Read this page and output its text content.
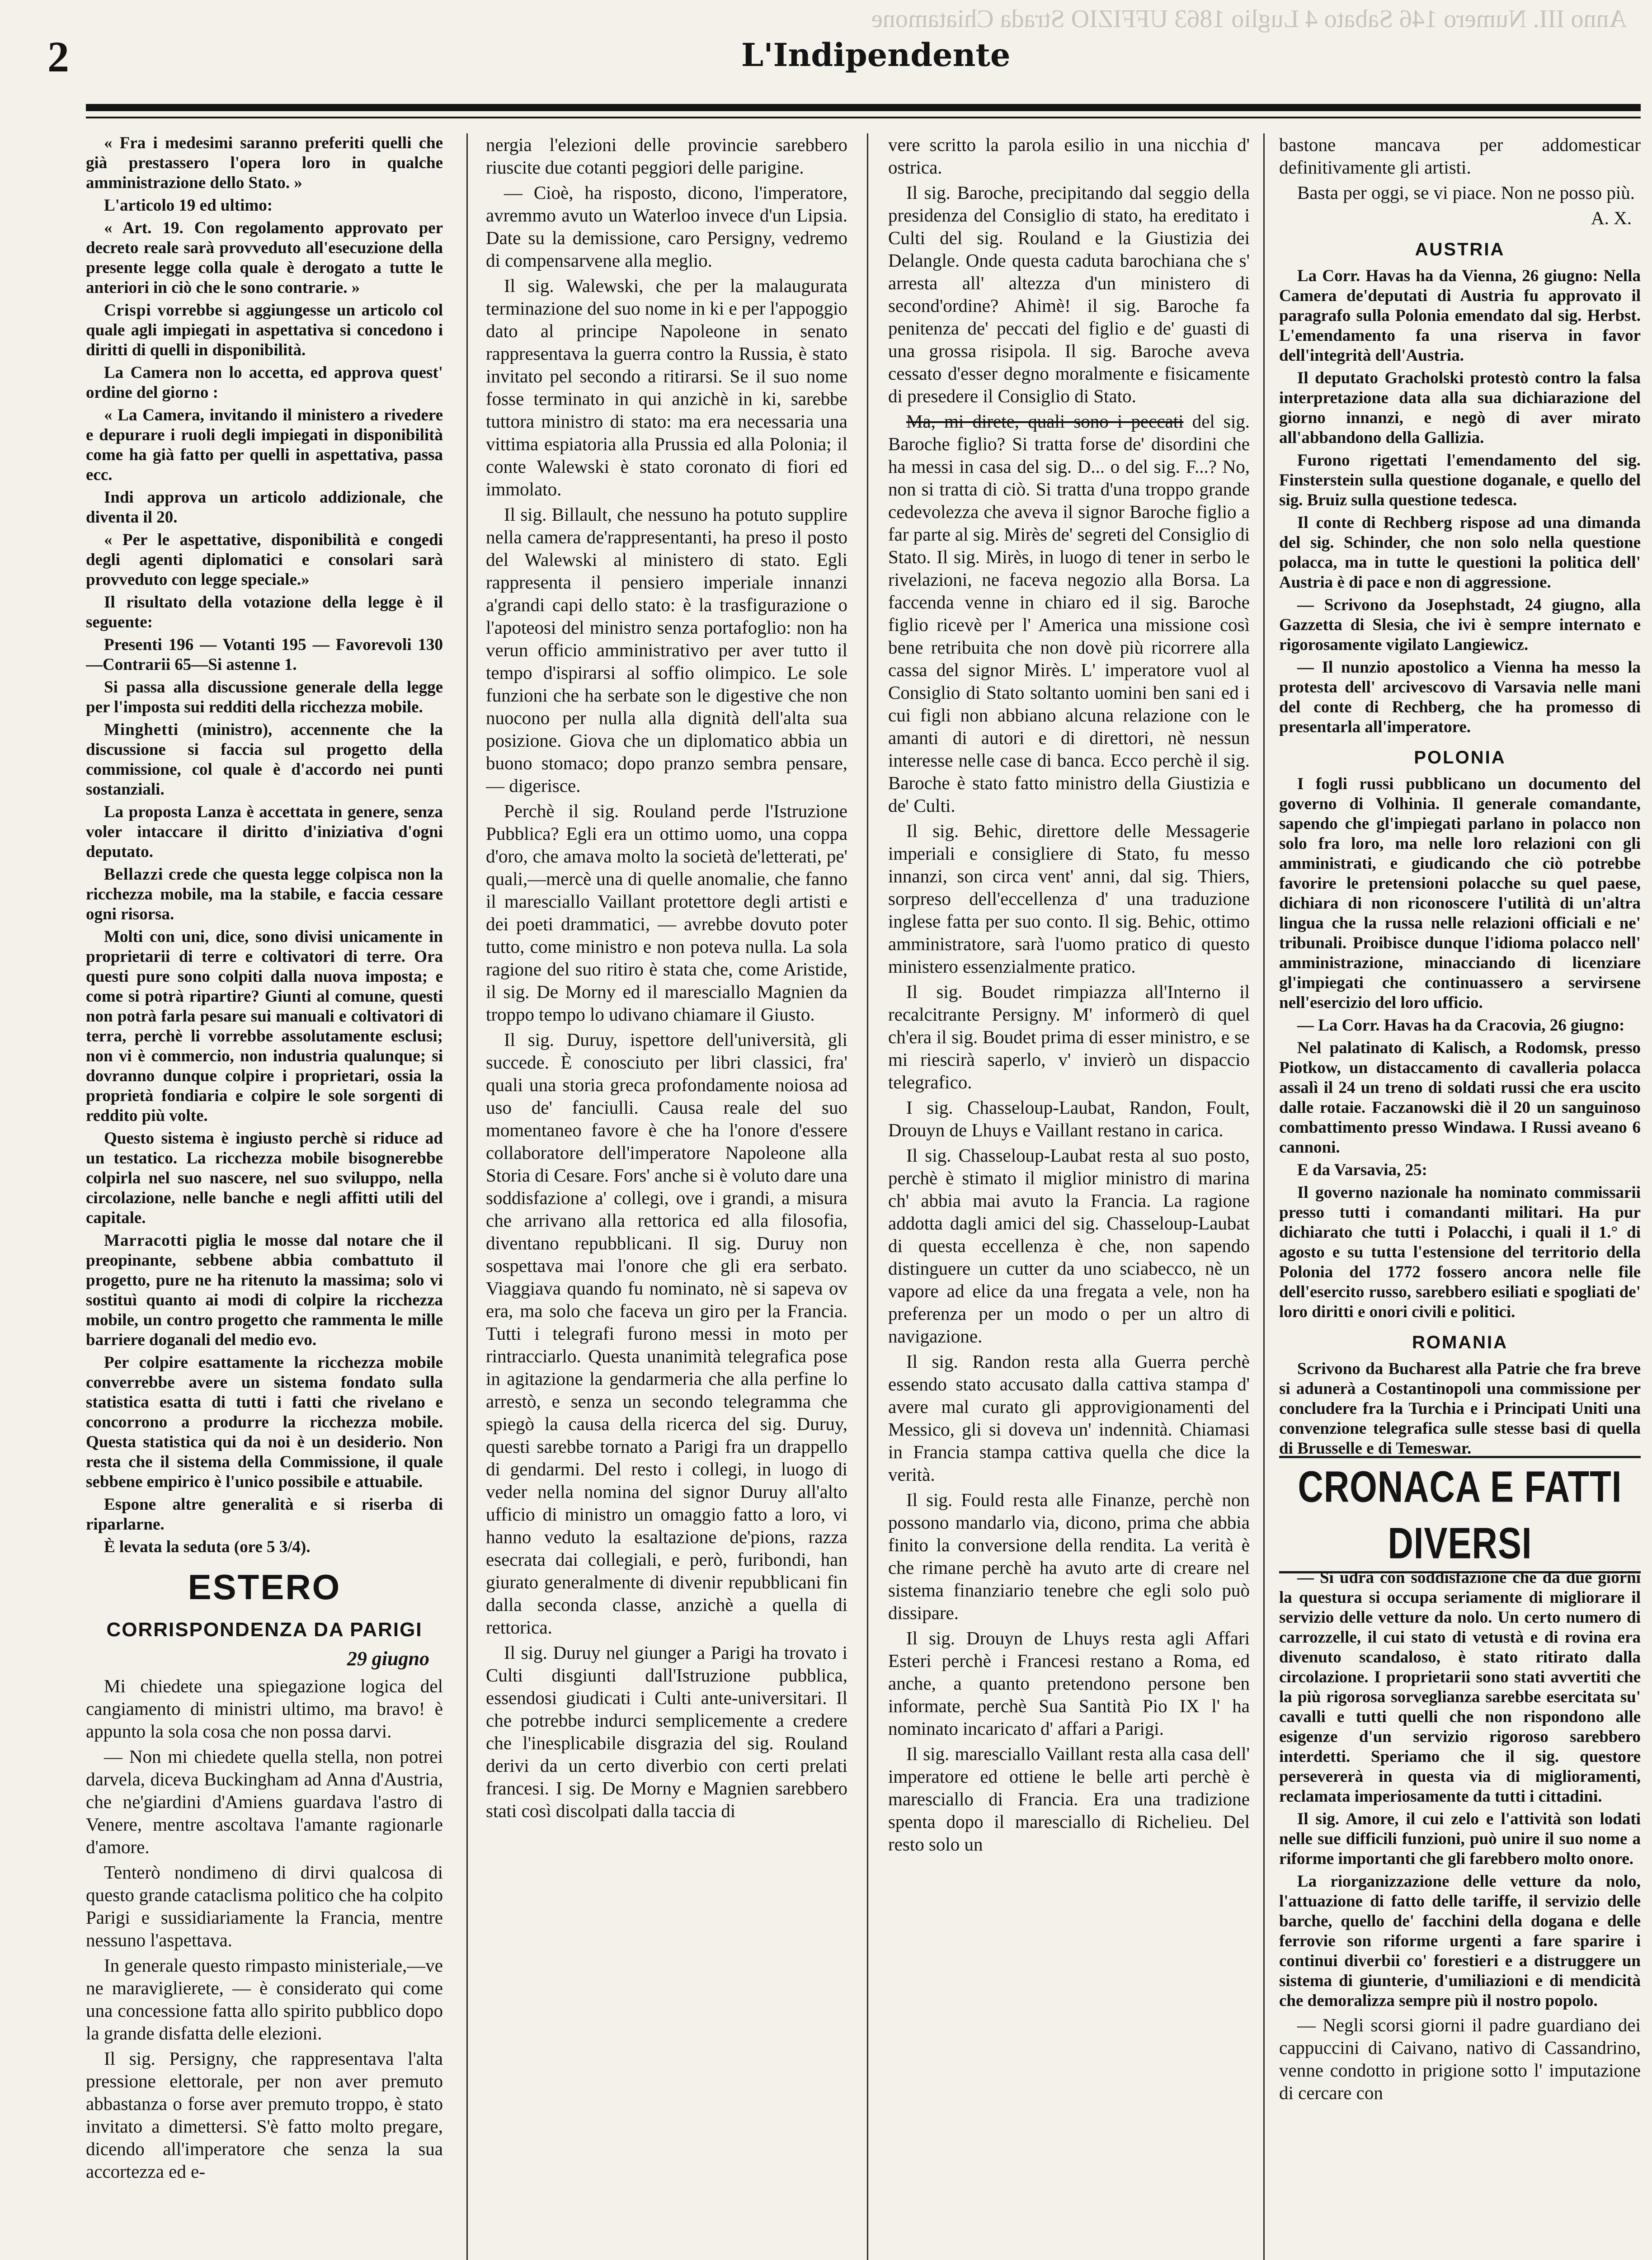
Anno III. Numero 146 Sabato 4 Luglio 1863 UFFIZIO Strada Chiatamone
2	L'Indipendente

« Fra i medesimi saranno preferiti quelli che già prestassero l'opera loro in qualche amministrazione dello Stato. »

L'articolo 19 ed ultimo:

« Art. 19. Con regolamento approvato per decreto reale sarà provveduto all'esecuzione della presente legge colla quale è derogato a tutte le anteriori in ciò che le sono contrarie. »

Crispi vorrebbe si aggiungesse un articolo col quale agli impiegati in aspettativa si concedono i diritti di quelli in disponibilità.

La Camera non lo accetta, ed approva quest' ordine del giorno :

« La Camera, invitando il ministero a rivedere e depurare i ruoli degli impiegati in disponibilità come ha già fatto per quelli in aspettativa, passa ecc.

Indi approva un articolo addizionale, che diventa il 20.

« Per le aspettative, disponibilità e congedi degli agenti diplomatici e consolari sarà provveduto con legge speciale.»

Il risultato della votazione della legge è il seguente:

Presenti 196 — Votanti 195 — Favorevoli 130—Contrarii 65—Si astenne 1.

Si passa alla discussione generale della legge per l'imposta sui redditi della ricchezza mobile.

Minghetti (ministro), accennente che la discussione si faccia sul progetto della commissione, col quale è d'accordo nei punti sostanziali.

La proposta Lanza è accettata in genere, senza voler intaccare il diritto d'iniziativa d'ogni deputato.

Bellazzi crede che questa legge colpisca non la ricchezza mobile, ma la stabile, e faccia cessare ogni risorsa.

Molti con uni, dice, sono divisi unicamente in proprietarii di terre e coltivatori di terre. Ora questi pure sono colpiti dalla nuova imposta; e come si potrà ripartire? Giunti al comune, questi non potrà farla pesare sui manuali e coltivatori di terra, perchè li vorrebbe assolutamente esclusi; non vi è commercio, non industria qualunque; si dovranno dunque colpire i proprietari, ossia la proprietà fondiaria e colpire le sole sorgenti di reddito più volte.

Questo sistema è ingiusto perchè si riduce ad un testatico. La ricchezza mobile bisognerebbe colpirla nel suo nascere, nel suo sviluppo, nella circolazione, nelle banche e negli affitti utili del capitale.

Marracotti piglia le mosse dal notare che il preopinante, sebbene abbia combattuto il progetto, pure ne ha ritenuto la massima; solo vi sostituì quanto ai modi di colpire la ricchezza mobile, un contro progetto che rammenta le mille barriere doganali del medio evo.

Per colpire esattamente la ricchezza mobile converrebbe avere un sistema fondato sulla statistica esatta di tutti i fatti che rivelano e concorrono a produrre la ricchezza mobile. Questa statistica qui da noi è un desiderio. Non resta che il sistema della Commissione, il quale sebbene empirico è l'unico possibile e attuabile.

Espone altre generalità e si riserba di riparlarne.

È levata la seduta (ore 5 3/4).

ESTERO
CORRISPONDENZA DA PARIGI
29 giugno

Mi chiedete una spiegazione logica del cangiamento di ministri ultimo, ma bravo! è appunto la sola cosa che non possa darvi.

— Non mi chiedete quella stella, non potrei darvela, diceva Buckingham ad Anna d'Austria, che ne'giardini d'Amiens guardava l'astro di Venere, mentre ascoltava l'amante ragionarle d'amore.

Tenterò nondimeno di dirvi qualcosa di questo grande cataclisma politico che ha colpito Parigi e sussidiariamente la Francia, mentre nessuno l'aspettava.

In generale questo rimpasto ministeriale,—ve ne maraviglierete, — è considerato qui come una concessione fatta allo spirito pubblico dopo la grande disfatta delle elezioni.

Il sig. Persigny, che rappresentava l'alta pressione elettorale, per non aver premuto abbastanza o forse aver premuto troppo, è stato invitato a dimettersi. S'è fatto molto pregare, dicendo all'imperatore che senza la sua accortezza ed e-

nergia l'elezioni delle provincie sarebbero riuscite due cotanti peggiori delle parigine.

— Cioè, ha risposto, dicono, l'imperatore, avremmo avuto un Waterloo invece d'un Lipsia. Date su la demissione, caro Persigny, vedremo di compensarvene alla meglio.

Il sig. Walewski, che per la malaugurata terminazione del suo nome in ki e per l'appoggio dato al principe Napoleone in senato rappresentava la guerra contro la Russia, è stato invitato pel secondo a ritirarsi. Se il suo nome fosse terminato in qui anzichè in ki, sarebbe tuttora ministro di stato: ma era necessaria una vittima espiatoria alla Prussia ed alla Polonia; il conte Walewski è stato coronato di fiori ed immolato.

Il sig. Billault, che nessuno ha potuto supplire nella camera de'rappresentanti, ha preso il posto del Walewski al ministero di stato. Egli rappresenta il pensiero imperiale innanzi a'grandi capi dello stato: è la trasfigurazione o l'apoteosi del ministro senza portafoglio: non ha verun officio amministrativo per aver tutto il tempo d'ispirarsi al soffio olimpico. Le sole funzioni che ha serbate son le digestive che non nuocono per nulla alla dignità dell'alta sua posizione. Giova che un diplomatico abbia un buono stomaco; dopo pranzo sembra pensare, — digerisce.

Perchè il sig. Rouland perde l'Istruzione Pubblica? Egli era un ottimo uomo, una coppa d'oro, che amava molto la società de'letterati, pe' quali,—mercè una di quelle anomalie, che fanno il maresciallo Vaillant protettore degli artisti e dei poeti drammatici, — avrebbe dovuto poter tutto, come ministro e non poteva nulla. La sola ragione del suo ritiro è stata che, come Aristide, il sig. De Morny ed il maresciallo Magnien da troppo tempo lo udivano chiamare il Giusto.

Il sig. Duruy, ispettore dell'università, gli succede. È conosciuto per libri classici, fra' quali una storia greca profondamente noiosa ad uso de' fanciulli. Causa reale del suo momentaneo favore è che ha l'onore d'essere collaboratore dell'imperatore Napoleone alla Storia di Cesare. Fors' anche si è voluto dare una soddisfazione a' collegi, ove i grandi, a misura che arrivano alla rettorica ed alla filosofia, diventano repubblicani. Il sig. Duruy non sospettava mai l'onore che gli era serbato. Viaggiava quando fu nominato, nè si sapeva ov era, ma solo che faceva un giro per la Francia. Tutti i telegrafi furono messi in moto per rintracciarlo. Questa unanimità telegrafica pose in agitazione la gendarmeria che alla perfine lo arrestò, e senza un secondo telegramma che spiegò la causa della ricerca del sig. Duruy, questi sarebbe tornato a Parigi fra un drappello di gendarmi. Del resto i collegi, in luogo di veder nella nomina del signor Duruy all'alto ufficio di ministro un omaggio fatto a loro, vi hanno veduto la esaltazione de'pions, razza esecrata dai collegiali, e però, furibondi, han giurato generalmente di divenir repubblicani fin dalla seconda classe, anzichè a quella di rettorica.

Il sig. Duruy nel giunger a Parigi ha trovato i Culti disgiunti dall'Istruzione pubblica, essendosi giudicati i Culti ante-universitari. Il che potrebbe indurci semplicemente a credere che l'inesplicabile disgrazia del sig. Rouland derivi da un certo diverbio con certi prelati francesi. I sig. De Morny e Magnien sarebbero stati così discolpati dalla taccia di

vere scritto la parola esilio in una nicchia d' ostrica.

Il sig. Baroche, precipitando dal seggio della presidenza del Consiglio di stato, ha ereditato i Culti del sig. Rouland e la Giustizia dei Delangle. Onde questa caduta barochiana che s' arresta all' altezza d'un ministero di second'ordine? Ahimè! il sig. Baroche fa penitenza de' peccati del figlio e de' guasti di una grossa risipola. Il sig. Baroche aveva cessato d'esser degno moralmente e fisicamente di presedere il Consiglio di Stato.

Ma, mi direte, quali sono i peccati del sig. Baroche figlio? Si tratta forse de' disordini che ha messi in casa del sig. D... o del sig. F...? No, non si tratta di ciò. Si tratta d'una troppo grande cedevolezza che aveva il signor Baroche figlio a far parte al sig. Mirès de' segreti del Consiglio di Stato. Il sig. Mirès, in luogo di tener in serbo le rivelazioni, ne faceva negozio alla Borsa. La faccenda venne in chiaro ed il sig. Baroche figlio ricevè per l' America una missione così bene retribuita che non dovè più ricorrere alla cassa del signor Mirès. L' imperatore vuol al Consiglio di Stato soltanto uomini ben sani ed i cui figli non abbiano alcuna relazione con le amanti di autori e di direttori, nè nessun interesse nelle case di banca. Ecco perchè il sig. Baroche è stato fatto ministro della Giustizia e de' Culti.

Il sig. Behic, direttore delle Messagerie imperiali e consigliere di Stato, fu messo innanzi, son circa vent' anni, dal sig. Thiers, sorpreso dell'eccellenza d' una traduzione inglese fatta per suo conto. Il sig. Behic, ottimo amministratore, sarà l'uomo pratico di questo ministero essenzialmente pratico.

Il sig. Boudet rimpiazza all'Interno il recalcitrante Persigny. M' informerò di quel ch'era il sig. Boudet prima di esser ministro, e se mi riescirà saperlo, v' invierò un dispaccio telegrafico.

I sig. Chasseloup-Laubat, Randon, Foult, Drouyn de Lhuys e Vaillant restano in carica.

Il sig. Chasseloup-Laubat resta al suo posto, perchè è stimato il miglior ministro di marina ch' abbia mai avuto la Francia. La ragione addotta dagli amici del sig. Chasseloup-Laubat di questa eccellenza è che, non sapendo distinguere un cutter da uno sciabecco, nè un vapore ad elice da una fregata a vele, non ha preferenza per un modo o per un altro di navigazione.

Il sig. Randon resta alla Guerra perchè essendo stato accusato dalla cattiva stampa d' avere mal curato gli approvigionamenti del Messico, gli si doveva un' indennità. Chiamasi in Francia stampa cattiva quella che dice la verità.

Il sig. Fould resta alle Finanze, perchè non possono mandarlo via, dicono, prima che abbia finito la conversione della rendita. La verità è che rimane perchè ha avuto arte di creare nel sistema finanziario tenebre che egli solo può dissipare.

Il sig. Drouyn de Lhuys resta agli Affari Esteri perchè i Francesi restano a Roma, ed anche, a quanto pretendono persone ben informate, perchè Sua Santità Pio IX l' ha nominato incaricato d' affari a Parigi.

Il sig. maresciallo Vaillant resta alla casa dell' imperatore ed ottiene le belle arti perchè è maresciallo di Francia. Era una tradizione spenta dopo il maresciallo di Richelieu. Del resto solo un

bastone mancava per addomesticar definitivamente gli artisti.

Basta per oggi, se vi piace. Non ne posso più.

A. X.

AUSTRIA

La Corr. Havas ha da Vienna, 26 giugno: Nella Camera de'deputati di Austria fu approvato il paragrafo sulla Polonia emendato dal sig. Herbst. L'emendamento fa una riserva in favor dell'integrità dell'Austria.

Il deputato Gracholski protestò contro la falsa interpretazione data alla sua dichiarazione del giorno innanzi, e negò di aver mirato all'abbandono della Gallizia.

Furono rigettati l'emendamento del sig. Finsterstein sulla questione doganale, e quello del sig. Bruiz sulla questione tedesca.

Il conte di Rechberg rispose ad una dimanda del sig. Schinder, che non solo nella questione polacca, ma in tutte le questioni la politica dell' Austria è di pace e non di aggressione.

— Scrivono da Josephstadt, 24 giugno, alla Gazzetta di Slesia, che ivi è sempre internato e rigorosamente vigilato Langiewicz.

— Il nunzio apostolico a Vienna ha messo la protesta dell' arcivescovo di Varsavia nelle mani del conte di Rechberg, che ha promesso di presentarla all'imperatore.

POLONIA

I fogli russi pubblicano un documento del governo di Volhinia. Il generale comandante, sapendo che gl'impiegati parlano in polacco non solo fra loro, ma nelle loro relazioni con gli amministrati, e giudicando che ciò potrebbe favorire le pretensioni polacche su quel paese, dichiara di non riconoscere l'utilità di un'altra lingua che la russa nelle relazioni officiali e ne' tribunali. Proibisce dunque l'idioma polacco nell' amministrazione, minacciando di licenziare gl'impiegati che continuassero a servirsene nell'esercizio del loro ufficio.

— La Corr. Havas ha da Cracovia, 26 giugno:

Nel palatinato di Kalisch, a Rodomsk, presso Piotkow, un distaccamento di cavalleria polacca assalì il 24 un treno di soldati russi che era uscito dalle rotaie. Faczanowski diè il 20 un sanguinoso combattimento presso Windawa. I Russi aveano 6 cannoni.

E da Varsavia, 25:

Il governo nazionale ha nominato commissarii presso tutti i comandanti militari. Ha pur dichiarato che tutti i Polacchi, i quali il 1.° di agosto e su tutta l'estensione del territorio della Polonia del 1772 fossero ancora nelle file dell'esercito russo, sarebbero esiliati e spogliati de' loro diritti e onori civili e politici.

ROMANIA

Scrivono da Bucharest alla Patrie che fra breve si adunerà a Costantinopoli una commissione per concludere fra la Turchia e i Principati Uniti una convenzione telegrafica sulle stesse basi di quella di Brusselle e di Temeswar.

CRONACA E FATTI DIVERSI

— Si udrà con soddisfazione che da due giorni la questura si occupa seriamente di migliorare il servizio delle vetture da nolo. Un certo numero di carrozzelle, il cui stato di vetustà e di rovina era divenuto scandaloso, è stato ritirato dalla circolazione. I proprietarii sono stati avvertiti che la più rigorosa sorveglianza sarebbe esercitata su' cavalli e tutti quelli che non rispondono alle esigenze d'un servizio rigoroso sarebbero interdetti. Speriamo che il sig. questore persevererà in questa via di miglioramenti, reclamata imperiosamente da tutti i cittadini.

Il sig. Amore, il cui zelo e l'attività son lodati nelle sue difficili funzioni, può unire il suo nome a riforme importanti che gli farebbero molto onore.

La riorganizzazione delle vetture da nolo, l'attuazione di fatto delle tariffe, il servizio delle barche, quello de' facchini della dogana e delle ferrovie son riforme urgenti a fare sparire i continui diverbii co' forestieri e a distruggere un sistema di giunterie, d'umiliazioni e di mendicità che demoralizza sempre più il nostro popolo.

— Negli scorsi giorni il padre guardiano dei cappuccini di Caivano, nativo di Cassandrino, venne condotto in prigione sotto l' imputazione di cercare con
